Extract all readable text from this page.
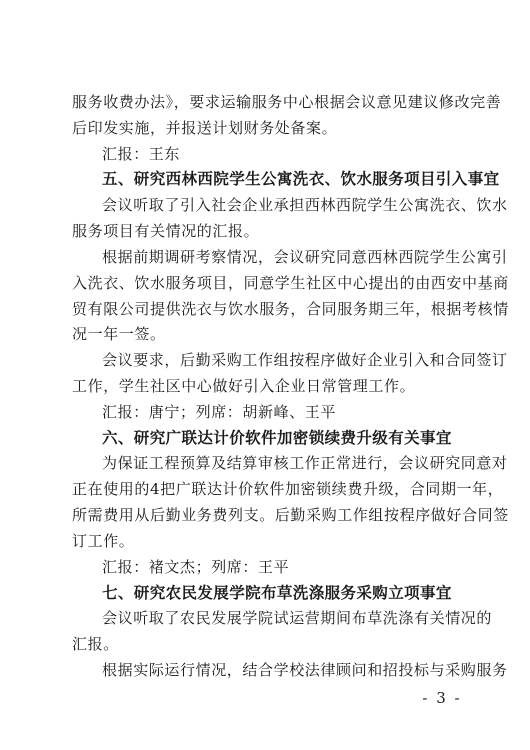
服务收费办法》，要求运输服务中心根据会议意见建议修改完善
后印发实施，并报送计划财务处备案。
汇报：王东
五、研究西林西院学生公寓洗衣、饮水服务项目引入事宜
会议听取了引入社会企业承担西林西院学生公寓洗衣、饮水
服务项目有关情况的汇报。
根据前期调研考察情况，会议研究同意西林西院学生公寓引
入洗衣、饮水服务项目，同意学生社区中心提出的由西安中基商
贸有限公司提供洗衣与饮水服务，合同服务期三年，根据考核情
况一年一签。
会议要求，后勤采购工作组按程序做好企业引入和合同签订
工作，学生社区中心做好引入企业日常管理工作。
汇报：唐宁；列席：胡新峰、王平
六、研究广联达计价软件加密锁续费升级有关事宜
为保证工程预算及结算审核工作正常进行，会议研究同意对
正在使用的4把广联达计价软件加密锁续费升级，合同期一年，
所需费用从后勤业务费列支。后勤采购工作组按程序做好合同签
订工作。
汇报：褚文杰；列席：王平
七、研究农民发展学院布草洗涤服务采购立项事宜
会议听取了农民发展学院试运营期间布草洗涤有关情况的
汇报。
根据实际运行情况，结合学校法律顾问和招投标与采购服务
- 3 -
